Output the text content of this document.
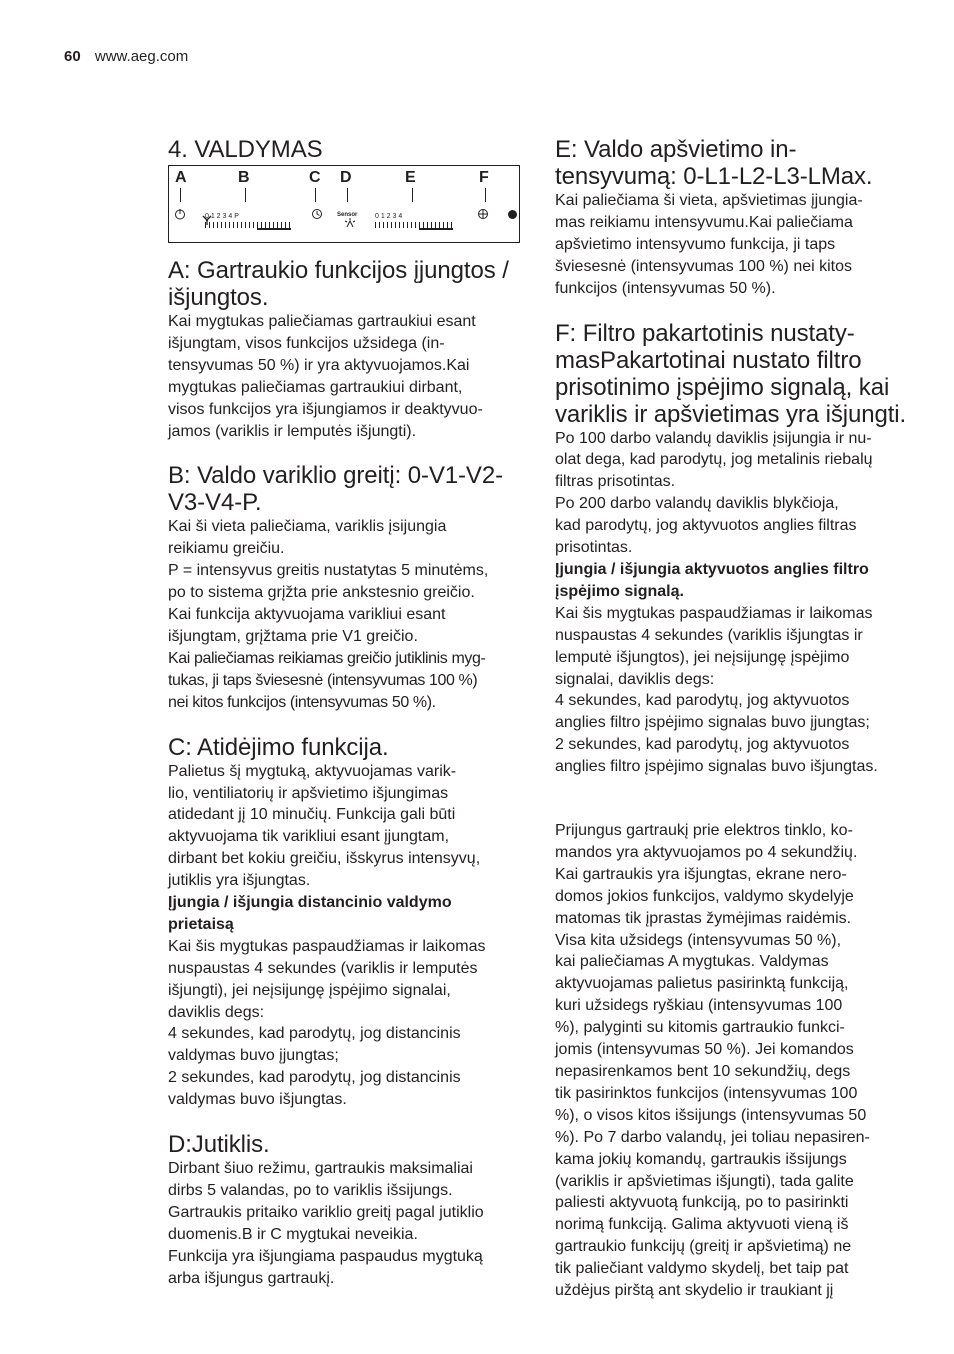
60 www.aeg.com
4. VALDYMAS
A	B	C D	E	F
0 1 2 3 4 P	Sensor	0 1 2 3 4
A: Gartraukio funkcijos įjungtos / išjungtos.

Kai mygtukas paliečiamas gartraukiui esant

išjungtam, visos funkcijos užsidega (in-

tensyvumas 50 %) ir yra aktyvuojamos.Kai

mygtukas paliečiamas gartraukiui dirbant,

visos funkcijos yra išjungiamos ir deaktyvuo-

jamos (variklis ir lemputės išjungti).

B: Valdo variklio greitį: 0-V1-V2-V3-V4-P.

Kai ši vieta paliečiama, variklis įsijungia

reikiamu greičiu.

P = intensyvus greitis nustatytas 5 minutėms,

po to sistema grįžta prie ankstesnio greičio.

Kai funkcija aktyvuojama varikliui esant

išjungtam, grįžtama prie V1 greičio.

Kai paliečiamas reikiamas greičio jutiklinis myg-

tukas, ji taps šviesesnė (intensyvumas 100 %)

nei kitos funkcijos (intensyvumas 50 %).

C: Atidėjimo funkcija.

Palietus šį mygtuką, aktyvuojamas varik-

lio, ventiliatorių ir apšvietimo išjungimas

atidedant jį 10 minučių. Funkcija gali būti

aktyvuojama tik varikliui esant įjungtam,

dirbant bet kokiu greičiu, išskyrus intensyvų,

jutiklis yra išjungtas.

Įjungia / išjungia distancinio valdymo

prietaisą

Kai šis mygtukas paspaudžiamas ir laikomas

nuspaustas 4 sekundes (variklis ir lemputės

išjungti), jei neįsijungę įspėjimo signalai,

daviklis degs:

4 sekundes, kad parodytų, jog distancinis

valdymas buvo įjungtas;

2 sekundes, kad parodytų, jog distancinis

valdymas buvo išjungtas.

D:Jutiklis.

Dirbant šiuo režimu, gartraukis maksimaliai

dirbs 5 valandas, po to variklis išsijungs.

Gartraukis pritaiko variklio greitį pagal jutiklio

duomenis.B ir C mygtukai neveikia.

Funkcija yra išjungiama paspaudus mygtuką

arba išjungus gartraukį.

E: Valdo apšvietimo in- tensyvumą: 0-L1-L2-L3-LMax.

Kai paliečiama ši vieta, apšvietimas įjungia-

mas reikiamu intensyvumu.Kai paliečiama

apšvietimo intensyvumo funkcija, ji taps

šviesesnė (intensyvumas 100 %) nei kitos

funkcijos (intensyvumas 50 %).

F: Filtro pakartotinis nustaty- masPakartotinai nustato filtro prisotinimo įspėjimo signalą, kai variklis ir apšvietimas yra išjungti.

Po 100 darbo valandų daviklis įsijungia ir nu-

olat dega, kad parodytų, jog metalinis riebalų

filtras prisotintas.

Po 200 darbo valandų daviklis blykčioja,

kad parodytų, jog aktyvuotos anglies filtras

prisotintas.

Įjungia / išjungia aktyvuotos anglies filtro

įspėjimo signalą.

Kai šis mygtukas paspaudžiamas ir laikomas

nuspaustas 4 sekundes (variklis išjungtas ir

lemputė išjungtos), jei neįsijungę įspėjimo

signalai, daviklis degs:

4 sekundes, kad parodytų, jog aktyvuotos

anglies filtro įspėjimo signalas buvo įjungtas;

2 sekundes, kad parodytų, jog aktyvuotos

anglies filtro įspėjimo signalas buvo išjungtas.

Prijungus gartraukį prie elektros tinklo, ko-

mandos yra aktyvuojamos po 4 sekundžių.

Kai gartraukis yra išjungtas, ekrane nero-

domos jokios funkcijos, valdymo skydelyje

matomas tik įprastas žymėjimas raidėmis.

Visa kita užsidegs (intensyvumas 50 %),

kai paliečiamas A mygtukas. Valdymas

aktyvuojamas palietus pasirinktą funkciją,

kuri užsidegs ryškiau (intensyvumas 100

%), palyginti su kitomis gartraukio funkci-

jomis (intensyvumas 50 %). Jei komandos

nepasirenkamos bent 10 sekundžių, degs

tik pasirinktos funkcijos (intensyvumas 100

%), o visos kitos išsijungs (intensyvumas 50

%). Po 7 darbo valandų, jei toliau nepasiren-

kama jokių komandų, gartraukis išsijungs

(variklis ir apšvietimas išjungti), tada galite

paliesti aktyvuotą funkciją, po to pasirinkti

norimą funkciją. Galima aktyvuoti vieną iš

gartraukio funkcijų (greitį ir apšvietimą) ne

tik paliečiant valdymo skydelį, bet taip pat

uždėjus pirštą ant skydelio ir traukiant jį
